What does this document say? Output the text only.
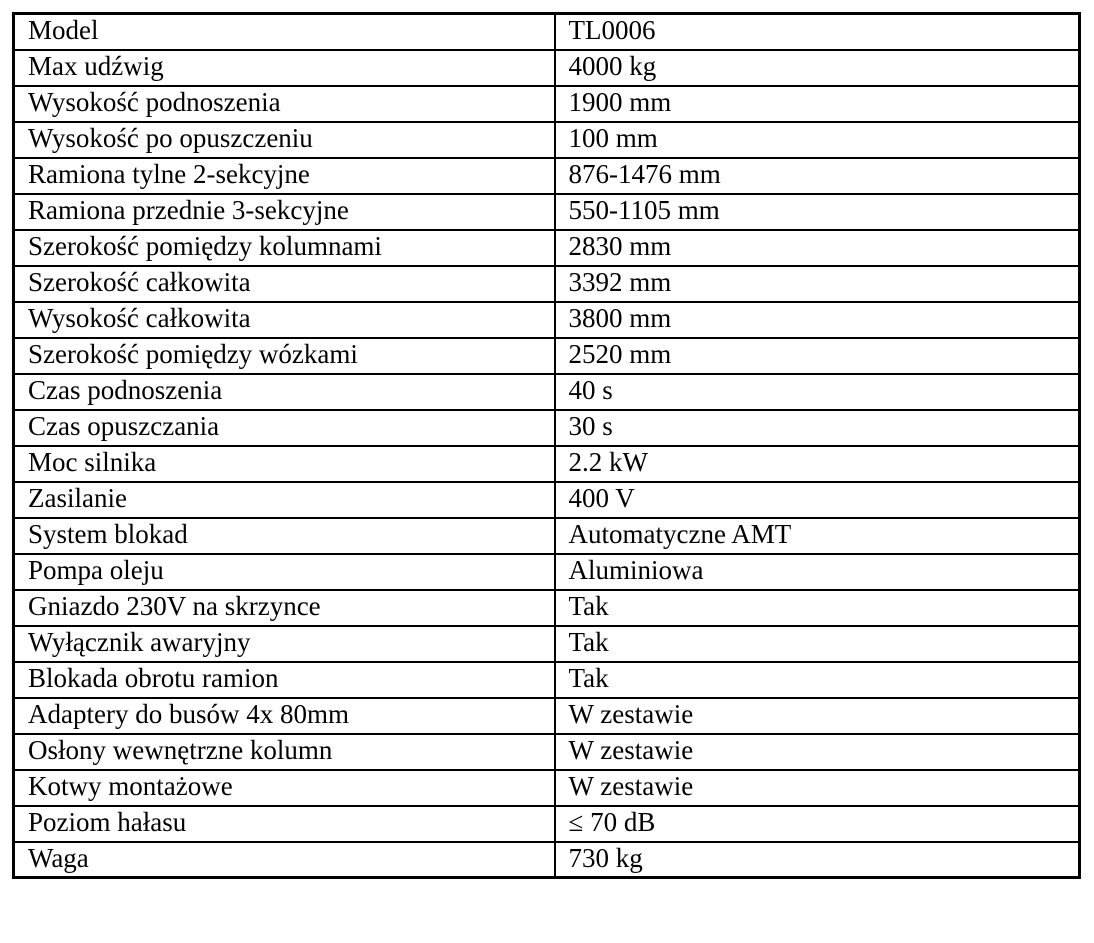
Model	TL0006
Max udźwig	4000 kg
Wysokość podnoszenia	1900 mm
Wysokość po opuszczeniu	100 mm
Ramiona tylne 2-sekcyjne	876-1476 mm
Ramiona przednie 3-sekcyjne	550-1105 mm
Szerokość pomiędzy kolumnami	2830 mm
Szerokość całkowita	3392 mm
Wysokość całkowita	3800 mm
Szerokość pomiędzy wózkami	2520 mm
Czas podnoszenia	40 s
Czas opuszczania	30 s
Moc silnika	2.2 kW
Zasilanie	400 V
System blokad	Automatyczne AMT
Pompa oleju	Aluminiowa
Gniazdo 230V na skrzynce	Tak
Wyłącznik awaryjny	Tak
Blokada obrotu ramion	Tak
Adaptery do busów 4x 80mm	W zestawie
Osłony wewnętrzne kolumn	W zestawie
Kotwy montażowe	W zestawie
Poziom hałasu	≤ 70 dB
Waga	730 kg
